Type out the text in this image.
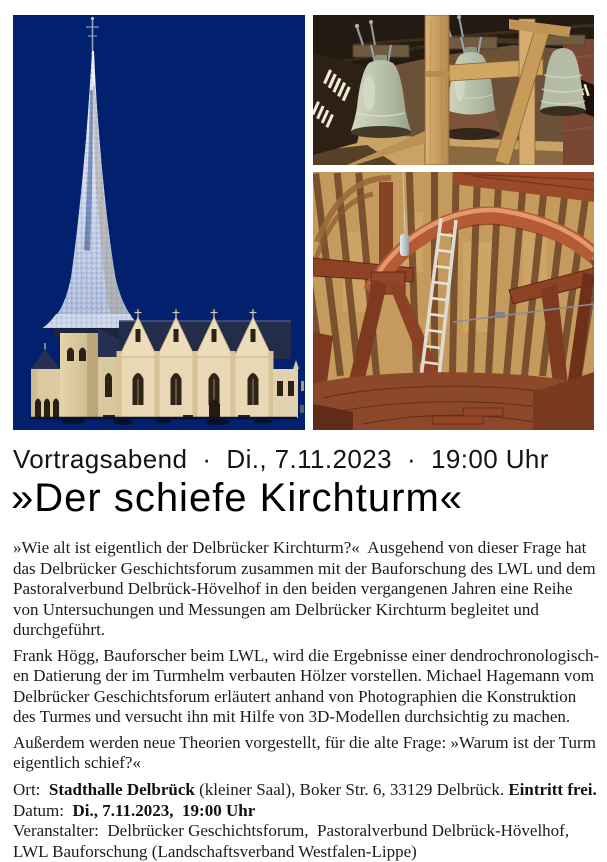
Vortragsabend · Di., 7.11.2023 · 19:00 Uhr
»Der schiefe Kirchturm«
»Wie alt ist eigentlich der Delbrücker Kirchturm?«  Ausgehend von dieser Frage hat
das Delbrücker Geschichtsforum zusammen mit der Bauforschung des LWL und dem
Pastoralverbund Delbrück-Hövelhof in den beiden vergangenen Jahren eine Reihe
von Untersuchungen und Messungen am Delbrücker Kirchturm begleitet und
durchgeführt.
Frank Högg, Bauforscher beim LWL, wird die Ergebnisse einer dendrochronologisch-
en Datierung der im Turmhelm verbauten Hölzer vorstellen. Michael Hagemann vom
Delbrücker Geschichtsforum erläutert anhand von Photographien die Konstruktion
des Turmes und versucht ihn mit Hilfe von 3D-Modellen durchsichtig zu machen.
Außerdem werden neue Theorien vorgestellt, für die alte Frage: »Warum ist der Turm
eigentlich schief?«
Ort:  Stadthalle Delbrück (kleiner Saal), Boker Str. 6, 33129 Delbrück. Eintritt frei.
Datum:  Di., 7.11.2023,  19:00 Uhr
Veranstalter:  Delbrücker Geschichtsforum,  Pastoralverbund Delbrück-Hövelhof,
LWL Bauforschung (Landschaftsverband Westfalen-Lippe)
